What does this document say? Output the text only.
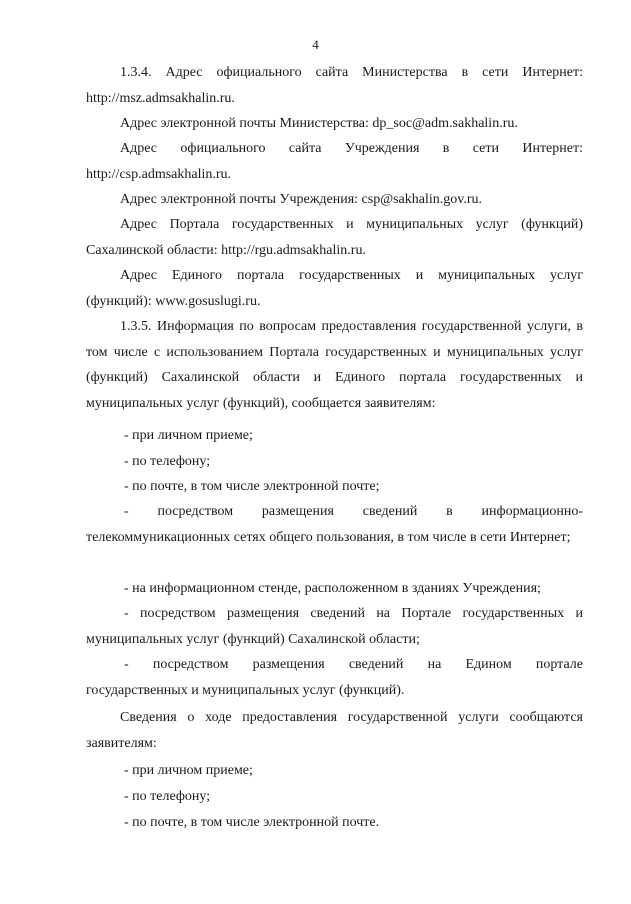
4
1.3.4. Адрес официального сайта Министерства в сети Интернет:
http://msz.admsakhalin.ru.
Адрес электронной почты Министерства: dp_soc@adm.sakhalin.ru.
Адрес официального сайта Учреждения в сети Интернет:
http://csp.admsakhalin.ru.
Адрес электронной почты Учреждения: csp@sakhalin.gov.ru.
Адрес Портала государственных и муниципальных услуг (функций) Сахалинской области: http://rgu.admsakhalin.ru.
Адрес Единого портала государственных и муниципальных услуг (функций): www.gosuslugi.ru.
1.3.5. Информация по вопросам предоставления государственной услуги, в том числе с использованием Портала государственных и муниципальных услуг (функций) Сахалинской области и Единого портала государственных и муниципальных услуг (функций), сообщается заявителям:
- при личном приеме;
- по телефону;
- по почте, в том числе электронной почте;
- посредством размещения сведений в информационно-
телекоммуникационных сетях общего пользования, в том числе в сети Интернет;
- на информационном стенде, расположенном в зданиях Учреждения;
- посредством размещения сведений на Портале государственных и муниципальных услуг (функций) Сахалинской области;
- посредством размещения сведений на Едином портале
государственных и муниципальных услуг (функций).
Сведения о ходе предоставления государственной услуги сообщаются заявителям:
- при личном приеме;
- по телефону;
- по почте, в том числе электронной почте.
